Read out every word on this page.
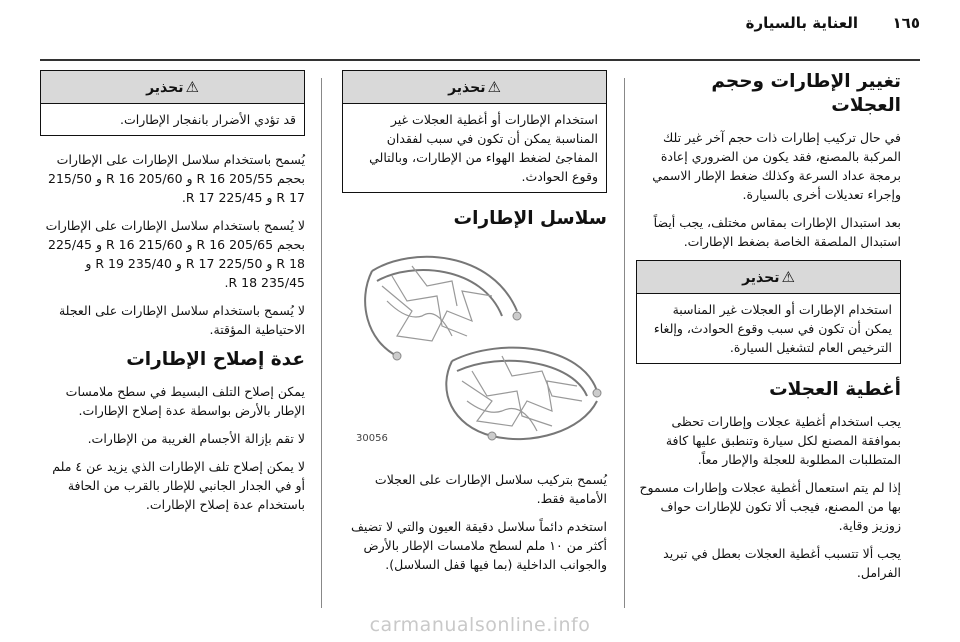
١٦٥
العناية بالسيارة
تغيير الإطارات وحجم العجلات

في حال تركيب إطارات ذات حجم آخر غير تلك المركبة بالمصنع، فقد يكون من الضروري إعادة برمجة عداد السرعة وكذلك ضغط الإطار الاسمي وإجراء تعديلات أخرى بالسيارة.

بعد استبدال الإطارات بمقاس مختلف، يجب أيضاً استبدال الملصقة الخاصة بضغط الإطارات.

⚠تحذير
استخدام الإطارات أو العجلات غير المناسبة يمكن أن تكون في سبب وقوع الحوادث، وإلغاء الترخيص العام لتشغيل السيارة.
أغطية العجلات

يجب استخدام أغطية عجلات وإطارات تحظى بموافقة المصنع لكل سيارة وتنطبق عليها كافة المتطلبات المطلوبة للعجلة والإطار معاً.

إذا لم يتم استعمال أغطية عجلات وإطارات مسموح بها من المصنع، فيجب ألا تكون للإطارات حواف زوزيز وقاية.

يجب ألا تتسبب أغطية العجلات بعطل في تبريد الفرامل.

⚠تحذير
استخدام الإطارات أو أغطية العجلات غير المناسبة يمكن أن تكون في سبب لفقدان المفاجئ لضغط الهواء من الإطارات، وبالتالي وقوع الحوادث.
سلاسل الإطارات
30056

يُسمح بتركيب سلاسل الإطارات على العجلات الأمامية فقط.

استخدم دائماً سلاسل دقيقة العيون والتي لا تضيف أكثر من ١٠ ملم لسطح ملامسات الإطار بالأرض والجوانب الداخلية (بما فيها قفل السلاسل).

⚠تحذير
قد تؤدي الأضرار بانفجار الإطارات.

يُسمح باستخدام سلاسل الإطارات على الإطارات بحجم 205/55 R 16 و 205/60 R 16 و 215/50 R 17 و 225/45 R 17.

لا يُسمح باستخدام سلاسل الإطارات على الإطارات بحجم 205/65 R 16 و 215/60 R 16 و 225/45 R 18 و 225/50 R 17 و 235/40 R 19 و 235/45 R 18.

لا يُسمح باستخدام سلاسل الإطارات على العجلة الاحتياطية المؤقتة.

عدة إصلاح الإطارات

يمكن إصلاح التلف البسيط في سطح ملامسات الإطار بالأرض بواسطة عدة إصلاح الإطارات.

لا تقم بإزالة الأجسام الغريبة من الإطارات.

لا يمكن إصلاح تلف الإطارات الذي يزيد عن ٤ ملم أو في الجدار الجانبي للإطار بالقرب من الحافة باستخدام عدة إصلاح الإطارات.

carmanualsonline.info
